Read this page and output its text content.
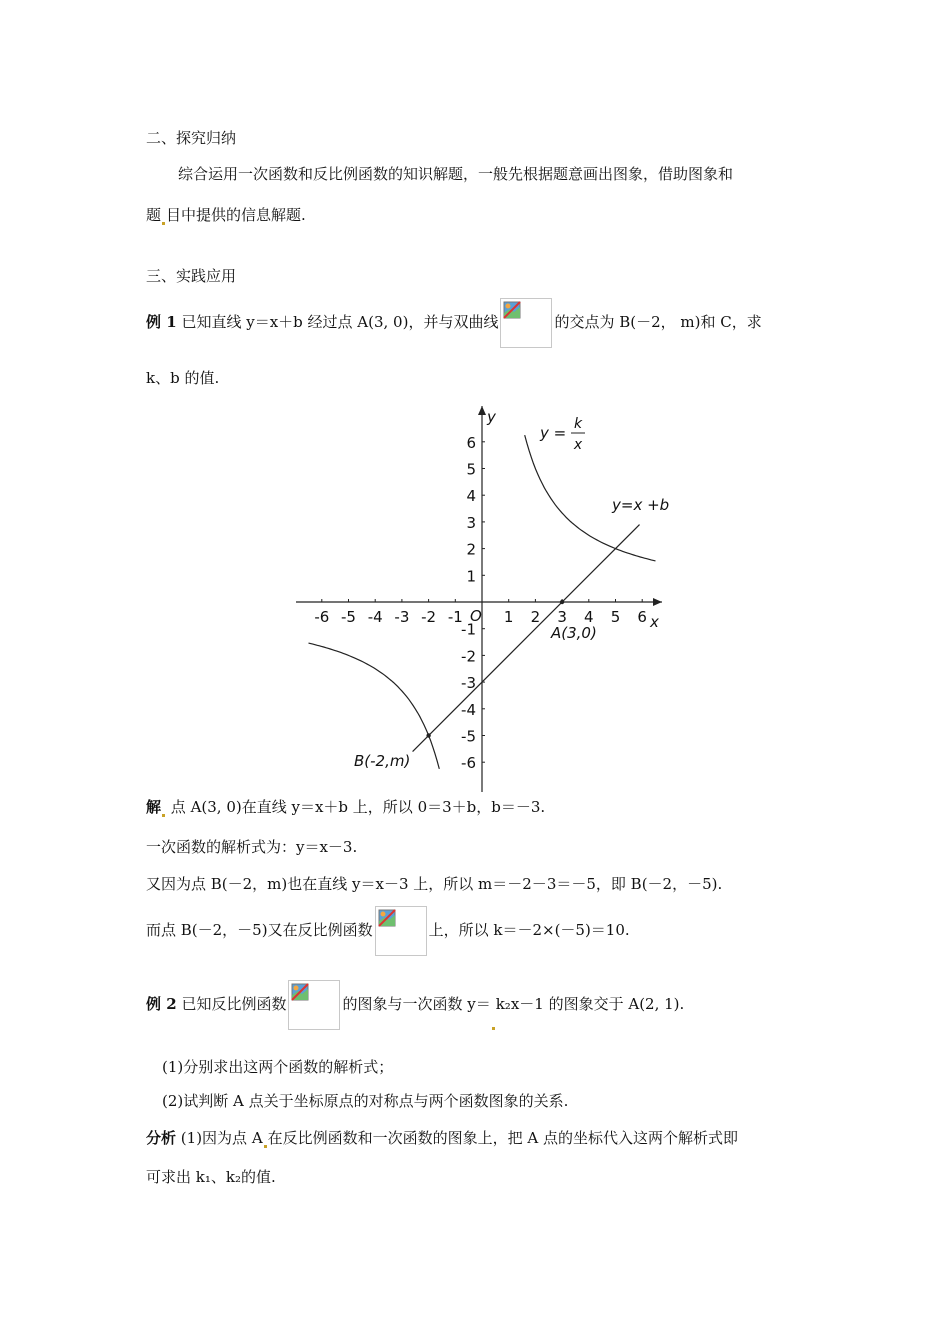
二、探究归纳
综合运用一次函数和反比例函数的知识解题，一般先根据题意画出图象，借助图象和
题 目中提供的信息解题.
三、实践应用
例 1 已知直线 y＝x＋b 经过点 A(3, 0)，并与双曲线	的交点为 B(－2， m)和 C，求
k、b 的值.
-6 -5 -4 -3 -2 -1	1 2 3 4 5 6
6
5
4
3
2
1
-1
-2
-3
-4
-5
-6
O	x
y
y = k
x
y=x +b
A(3,0)
B(-2,m)
解 点 A(3, 0)在直线 y＝x＋b 上，所以 0＝3＋b，b＝－3.
一次函数的解析式为：y＝x－3.
又因为点 B(－2，m)也在直线 y＝x－3 上，所以 m＝－2－3＝－5，即 B(－2，－5).
而点 B(－2，－5)又在反比例函数	上，所以 k＝－2×(－5)＝10.
例 2 已知反比例函数	的图象与一次函数 y＝ k₂x－1 的图象交于 A(2, 1).
(1)分别求出这两个函数的解析式；
(2)试判断 A 点关于坐标原点的对称点与两个函数图象的关系.
分析 (1)因为点 A 在反比例函数和一次函数的图象上，把 A 点的坐标代入这两个解析式即
可求出 k₁、k₂的值.
